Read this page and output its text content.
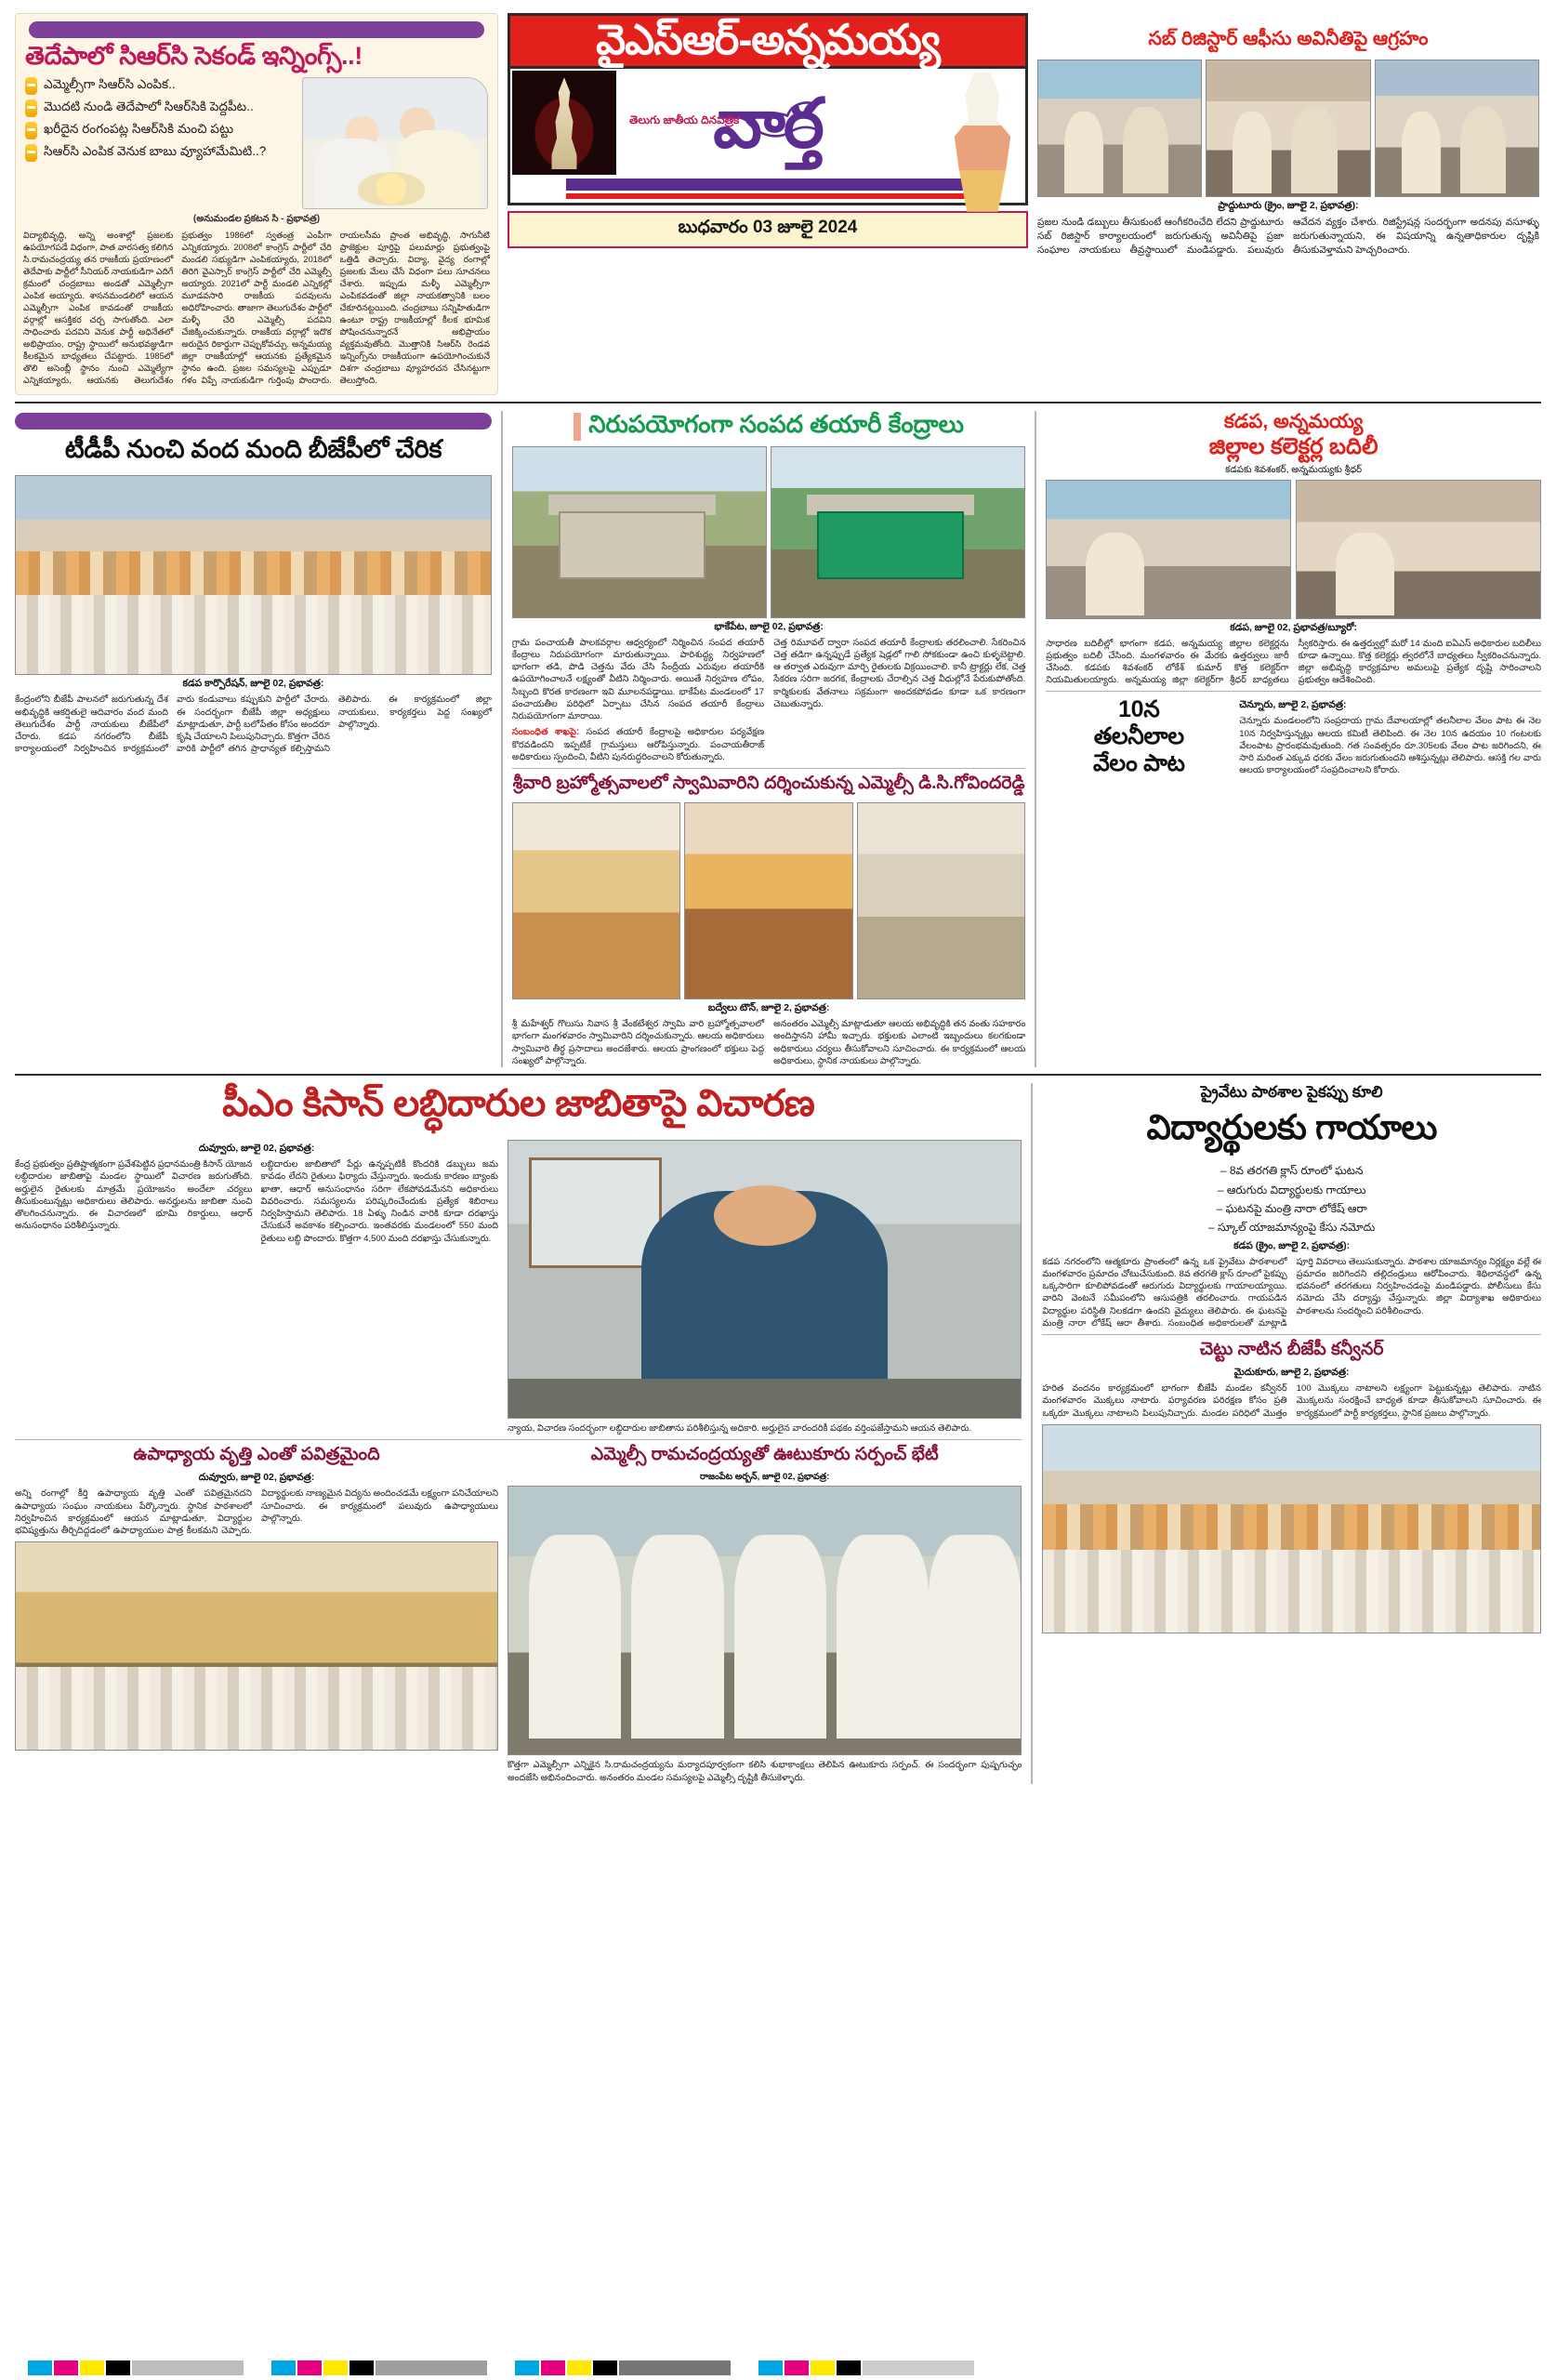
తెదేపాలో సిఆర్‌సి సెకండ్ ఇన్నింగ్స్‌..!
ఎమ్మెల్సీగా సిఆర్‌సి ఎంపిక..
మొదటి నుండి తెదేపాలో సిఆర్‌సికి పెద్దపీట..
ఖరీదైన రంగంపట్ల సిఆర్‌సికి మంచి పట్టు
సిఆర్‌సి ఎంపిక వెనుక బాబు వ్యూహామేమిటి..?
(అనుమండల ప్రకటన సి - ప్రభావత్ర)
విద్యాభివృద్ధి, అన్ని అంశాల్లో ప్రజలకు ఉపయోగపడే విధంగా, పాత వారసత్వ కలిగిన సి.రామచంద్రయ్య తన రాజకీయ ప్రయాణంలో తెదేపాకు పార్టీలో సీనియర్ నాయకుడిగా ఎదిగే క్రమంలో చంద్రబాబు అండతో ఎమ్మెల్సీగా ఎంపిక అయ్యారు. శాసనమండలిలో ఆయన ఎమ్మెల్సీగా ఎంపిక కావడంతో రాజకీయ వర్గాల్లో ఆసక్తికర చర్చ సాగుతోంది. ఎలా సాధించారు పదవిని వెనుక పార్టీ అధినేతలో అభిప్రాయం, రాష్ట్ర స్థాయిలో అనుభవజ్ఞుడిగా కీలకమైన బాధ్యతలు చేపట్టారు. 1985లో తొలి అసెంబ్లీ స్థానం నుంచి ఎమ్మెల్యేగా ఎన్నికయ్యారు, ఆయనకు తెలుగుదేశం ప్రభుత్వం 1986లో స్వతంత్ర ఎంపీగా ఎన్నికయ్యారు. 2008లో కాంగ్రెస్‌ పార్టీలో చేరి మండలి సభ్యుడిగా ఎంపికయ్యారు, 2018లో తిరిగి వైఎస్సార్ కాంగ్రెస్‌ పార్టీలో చేరి ఎమ్మెల్సీ అయ్యారు. 2021లో పార్టీ మండలి ఎన్నికల్లో మూడవసారి రాజకీయ పదవులను అధిరోహించారు. తాజాగా తెలుగుదేశం పార్టీలో మళ్ళీ చేరి ఎమ్మెల్సీ పదవిని చేజిక్కించుకున్నారు. రాజకీయ వర్గాల్లో ఇదొక అరుదైన రికార్డుగా చెప్పుకోవచ్చు. అన్నమయ్య జిల్లా రాజకీయాల్లో ఆయనకు ప్రత్యేకమైన స్థానం ఉంది. ప్రజల సమస్యలపై ఎప్పుడూ గళం విప్పే నాయకుడిగా గుర్తింపు పొందారు. రాయలసీమ ప్రాంత అభివృద్ధి, సాగునీటి ప్రాజెక్టుల పూర్తిపై పలుమార్లు ప్రభుత్వంపై ఒత్తిడి తెచ్చారు. విద్యా, వైద్య రంగాల్లో ప్రజలకు మేలు చేసే విధంగా పలు సూచనలు చేశారు. ఇప్పుడు మళ్ళీ ఎమ్మెల్సీగా ఎంపికవడంతో జిల్లా నాయకత్వానికి బలం చేకూరినట్టయింది. చంద్రబాబు సన్నిహితుడిగా ఉంటూ రాష్ట్ర రాజకీయాల్లో కీలక భూమిక పోషించనున్నారనే అభిప్రాయం వ్యక్తమవుతోంది. మెుత్తానికి సిఆర్‌సి రెండవ ఇన్నింగ్స్‌ను రాజకీయంగా ఉపయోగించుకునే దిశగా చంద్రబాబు వ్యూహరచన చేసినట్టుగా తెలుస్తోంది.
వైఎస్‌ఆర్-అన్నమయ్య
తెలుగు జాతీయ దినపత్రిక
వార్త
బుధవారం 03 జూలై 2024
సబ్ రిజిస్టార్ ఆఫీసు అవినీతిపై ఆగ్రహం
ప్రాద్దుటూరు (క్రైం, జూలై 2, ప్రభావత్ర):
ప్రజల నుండి డబ్బులు తీసుకుంటే ఆంగీకరించేది లేదని ప్రాద్దుటూరు సబ్ రిజిస్టార్ కార్యాలయంలో జరుగుతున్న అవినీతిపై ప్రజా సంఘాల నాయకులు తీవ్రస్థాయిలో మండిపడ్డారు. పలువురు ఆవేదన వ్యక్తం చేశారు. రిజిస్ట్రేషన్ల సందర్భంగా అదనపు వసూళ్ళు జరుగుతున్నాయని, ఈ విషయాన్ని ఉన్నతాధికారుల దృష్టికి తీసుకువెళ్తామని హెచ్చరించారు.
టీడీపీ నుంచి వంద మంది బీజేపీలో చేరిక
కడప కార్పొరేషన్, జూలై 02, ప్రభావత్ర:
కేంద్రంలోని బీజేపీ పాలనలో జరుగుతున్న దేశ అభివృద్ధికి ఆకర్షితులై ఆదివారం వంద మంది తెలుగుదేశం పార్టీ నాయకులు బీజేపీలో చేరారు. కడప నగరంలోని బీజేపీ కార్యాలయంలో నిర్వహించిన కార్యక్రమంలో వారు కండువాలు కప్పుకుని పార్టీలో చేరారు. ఈ సందర్భంగా బీజేపీ జిల్లా అధ్యక్షులు మాట్లాడుతూ, పార్టీ బలోపేతం కోసం అందరూ కృషి చేయాలని పిలుపునిచ్చారు. కొత్తగా చేరిన వారికి పార్టీలో తగిన ప్రాధాన్యత కల్పిస్తామని తెలిపారు. ఈ కార్యక్రమంలో జిల్లా నాయకులు, కార్యకర్తలు పెద్ద సంఖ్యలో పాల్గొన్నారు.
నిరుపయోగంగా సంపద తయారీ కేంద్రాలు
భాకేపేట, జూలై 02, ప్రభావత్ర:
గ్రామ పంచాయతీ పాలకవర్గాల ఆధ్వర్యంలో నిర్మించిన సంపద తయారీ కేంద్రాలు నిరుపయోగంగా మారుతున్నాయి. పారిశుద్ధ్య నిర్వహణలో భాగంగా తడి, పొడి చెత్తను వేరు చేసి సేంద్రీయ ఎరువుల తయారీకి ఉపయోగించాలనే లక్ష్యంతో వీటిని నిర్మించారు. అయితే నిర్వహణ లోపం, సిబ్బంది కొరత కారణంగా ఇవి మూలనపడ్డాయి. భాకేపేట మండలంలో 17 పంచాయతీల పరిధిలో ఏర్పాటు చేసిన సంపద తయారీ కేంద్రాలు నిరుపయోగంగా మారాయి.
సంబంధిత శాఖపై: సంపద తయారీ కేంద్రాలపై అధికారుల పర్యవేక్షణ కొరవడిందని ఇప్పటికే గ్రామస్తులు ఆరోపిస్తున్నారు. పంచాయతీరాజ్ అధికారులు స్పందించి, వీటిని పునరుద్ధరించాలని కోరుతున్నారు.
చెత్త రిమూవల్ ద్వారా సంపద తయారీ కేంద్రాలకు తరలించాలి. సేకరించిన చెత్త తడిగా ఉన్నప్పుడే ప్రత్యేక షెడ్లలో గాలి సోకకుండా ఉంచి కుళ్ళబెట్టాలి. ఆ తర్వాత ఎరువుగా మార్చి రైతులకు విక్రయించాలి. కానీ ట్రాక్టర్లు లేక, చెత్త సేకరణ సరిగా జరగక, కేంద్రాలకు చేరాల్సిన చెత్త వీధుల్లోనే పేరుకుపోతోంది. కార్మికులకు వేతనాలు సక్రమంగా అందకపోవడం కూడా ఒక కారణంగా చెబుతున్నారు.
శ్రీవారి బ్రహ్మోత్సవాలలో స్వామివారిని దర్శించుకున్న ఎమ్మెల్సీ డి.సి.గోవిందరెడ్డి
బద్వేలు టౌన్, జూలై 2, ప్రభావత్ర:
శ్రీ మహేశ్వర్ గొలుసు నివాస శ్రీ వేంకటేశ్వర స్వామి వారి బ్రహ్మోత్సవాలలో భాగంగా మంగళవారం స్వామివారిని దర్శించుకున్నారు. ఆలయ అధికారులు స్వామివారి తీర్థ ప్రసాదాలు అందజేశారు. ఆలయ ప్రాంగణంలో భక్తులు పెద్ద సంఖ్యలో పాల్గొన్నారు.
అనంతరం ఎమ్మెల్సీ మాట్లాడుతూ ఆలయ అభివృద్ధికి తన వంతు సహకారం అందిస్తానని హామీ ఇచ్చారు. భక్తులకు ఎలాంటి ఇబ్బందులు కలగకుండా అధికారులు చర్యలు తీసుకోవాలని సూచించారు. ఈ కార్యక్రమంలో ఆలయ అధికారులు, స్థానిక నాయకులు పాల్గొన్నారు.
కడప, అన్నమయ్య
జిల్లాల కలెక్టర్ల బదిలీ
కడపకు శివశంకర్, అన్నమయ్యకు శ్రీధర్
కడప, జూలై 02, ప్రభావత్ర/బ్యూరో:
సాధారణ బదిలీల్లో భాగంగా కడప, అన్నమయ్య జిల్లాల కలెక్టర్లను ప్రభుత్వం బదిలీ చేసింది. మంగళవారం ఈ మేరకు ఉత్తర్వులు జారీ చేసింది. కడపకు శివశంకర్ లోకేశ్ కుమార్ కొత్త కలెక్టర్‌గా నియమితులయ్యారు. అన్నమయ్య జిల్లా కలెక్టర్‌గా శ్రీధర్ బాధ్యతలు స్వీకరిస్తారు. ఈ ఉత్తర్వుల్లో మరో 14 మంది ఐఏఎస్ అధికారుల బదిలీలు కూడా ఉన్నాయి. కొత్త కలెక్టర్లు త్వరలోనే బాధ్యతలు స్వీకరించనున్నారు. జిల్లా అభివృద్ధి కార్యక్రమాల అమలుపై ప్రత్యేక దృష్టి సారించాలని ప్రభుత్వం ఆదేశించింది.
10న
తలనీలాల
వేలం పాట
చెన్నూరు, జూలై 2, ప్రభావత్ర:
చెన్నూరు మండలంలోని సంప్రదాయ గ్రామ దేవాలయాల్లో తలనీలాల వేలం పాట ఈ నెల 10న నిర్వహిస్తున్నట్లు ఆలయ కమిటీ తెలిపింది. ఈ నెల 10న ఉదయం 10 గంటలకు వేలంపాట ప్రారంభమవుతుంది. గత సంవత్సరం రూ.305లకు వేలం పాట జరిగిందని, ఈ సారి మరింత ఎక్కువ ధరకు వేలం జరుగుతుందని ఆశిస్తున్నట్లు తెలిపారు. ఆసక్తి గల వారు ఆలయ కార్యాలయంలో సంప్రదించాలని కోరారు.
పీఎం కిసాన్ లబ్ధిదారుల జాబితాపై విచారణ
దువ్వూరు, జూలై 02, ప్రభావత్ర:
కేంద్ర ప్రభుత్వం ప్రతిష్టాత్మకంగా ప్రవేశపెట్టిన ప్రధానమంత్రి కిసాన్ యోజన లబ్ధిదారుల జాబితాపై మండల స్థాయిలో విచారణ జరుగుతోంది. అర్హులైన రైతులకు మాత్రమే ప్రయోజనం అందేలా చర్యలు తీసుకుంటున్నట్లు అధికారులు తెలిపారు. అనర్హులను జాబితా నుంచి తొలగించనున్నారు. ఈ విచారణలో భూమి రికార్డులు, ఆధార్ అనుసంధానం పరిశీలిస్తున్నారు.
లబ్ధిదారుల జాబితాలో పేర్లు ఉన్నప్పటికీ కొందరికి డబ్బులు జమ కావడం లేదని రైతులు ఫిర్యాదు చేస్తున్నారు. ఇందుకు కారణం బ్యాంకు ఖాతా, ఆధార్ అనుసంధానం సరిగా లేకపోవడమేనని అధికారులు వివరించారు. సమస్యలను పరిష్కరించేందుకు ప్రత్యేక శిబిరాలు నిర్వహిస్తామని తెలిపారు. 18 ఏళ్ళు నిండిన వారికి కూడా దరఖాస్తు చేసుకునే అవకాశం కల్పించారు. ఇంతవరకు మండలంలో 550 మంది రైతులు లబ్ధి పొందారు. కొత్తగా 4,500 మంది దరఖాస్తు చేసుకున్నారు.
న్యాయ, విచారణ సందర్భంగా లబ్ధిదారుల జాబితాను పరిశీలిస్తున్న అధికారి. అర్హులైన వారందరికీ పథకం వర్తింపజేస్తామని ఆయన తెలిపారు.
ఉపాధ్యాయ వృత్తి ఎంతో పవిత్రమైంది
దువ్వూరు, జూలై 02, ప్రభావత్ర:
అన్ని రంగాల్లో కీర్తి ఉపాధ్యాయ వృత్తి ఎంతో పవిత్రమైనదని ఉపాధ్యాయ సంఘం నాయకులు పేర్కొన్నారు. స్థానిక పాఠశాలలో నిర్వహించిన కార్యక్రమంలో ఆయన మాట్లాడుతూ, విద్యార్థుల భవిష్యత్తును తీర్చిదిద్దడంలో ఉపాధ్యాయుల పాత్ర కీలకమని చెప్పారు. విద్యార్థులకు నాణ్యమైన విద్యను అందించడమే లక్ష్యంగా పనిచేయాలని సూచించారు. ఈ కార్యక్రమంలో పలువురు ఉపాధ్యాయులు పాల్గొన్నారు.
ఎమ్మెల్సీ రామచంద్రయ్యతో ఊటుకూరు సర్పంచ్ భేటీ
రాజంపేట అర్బన్, జూలై 02, ప్రభావత్ర:
కొత్తగా ఎమ్మెల్సీగా ఎన్నికైన సి.రామచంద్రయ్యను మర్యాదపూర్వకంగా కలిసి శుభాకాంక్షలు తెలిపిన ఊటుకూరు సర్పంచ్. ఈ సందర్భంగా పుష్పగుచ్ఛం అందజేసి అభినందించారు. అనంతరం మండల సమస్యలపై ఎమ్మెల్సీ దృష్టికి తీసుకెళ్ళారు.
ప్రైవేటు పాఠశాల పైకప్పు కూలి
విద్యార్థులకు గాయాలు
– 8వ తరగతి క్లాస్ రూంలో ఘటన
– ఆరుగురు విద్యార్థులకు గాయాలు
– ఘటనపై మంత్రి నారా లోకేష్ ఆరా
– స్కూల్ యాజమాన్యంపై కేసు నమోదు
కడప (క్రైం, జూలై 2, ప్రభావత్ర):
కడప నగరంలోని ఆత్మకూరు ప్రాంతంలో ఉన్న ఒక ప్రైవేటు పాఠశాలలో మంగళవారం ప్రమాదం చోటుచేసుకుంది. 8వ తరగతి క్లాస్ రూంలో పైకప్పు ఒక్కసారిగా కూలిపోవడంతో ఆరుగురు విద్యార్థులకు గాయాలయ్యాయి. వారిని వెంటనే సమీపంలోని ఆసుపత్రికి తరలించారు. గాయపడిన విద్యార్థుల పరిస్థితి నిలకడగా ఉందని వైద్యులు తెలిపారు. ఈ ఘటనపై మంత్రి నారా లోకేష్ ఆరా తీశారు. సంబంధిత అధికారులతో మాట్లాడి పూర్తి వివరాలు తెలుసుకున్నారు. పాఠశాల యాజమాన్యం నిర్లక్ష్యం వల్లే ఈ ప్రమాదం జరిగిందని తల్లిదండ్రులు ఆరోపించారు. శిథిలావస్థలో ఉన్న భవనంలో తరగతులు నిర్వహించడంపై మండిపడ్డారు. పోలీసులు కేసు నమోదు చేసి దర్యాప్తు చేస్తున్నారు. జిల్లా విద్యాశాఖ అధికారులు పాఠశాలను సందర్శించి పరిశీలించారు.
చెట్టు నాటిన బీజేపీ కన్వీనర్
మైదుకూరు, జూలై 2, ప్రభావత్ర:
హరిత వందనం కార్యక్రమంలో భాగంగా బీజేపీ మండల కన్వీనర్ మంగళవారం మొక్కలు నాటారు. పర్యావరణ పరిరక్షణ కోసం ప్రతి ఒక్కరూ మొక్కలు నాటాలని పిలుపునిచ్చారు. మండల పరిధిలో మొత్తం 100 మొక్కలు నాటాలని లక్ష్యంగా పెట్టుకున్నట్లు తెలిపారు. నాటిన మొక్కలను సంరక్షించే బాధ్యత కూడా తీసుకోవాలని సూచించారు. ఈ కార్యక్రమంలో పార్టీ కార్యకర్తలు, స్థానిక ప్రజలు పాల్గొన్నారు.
